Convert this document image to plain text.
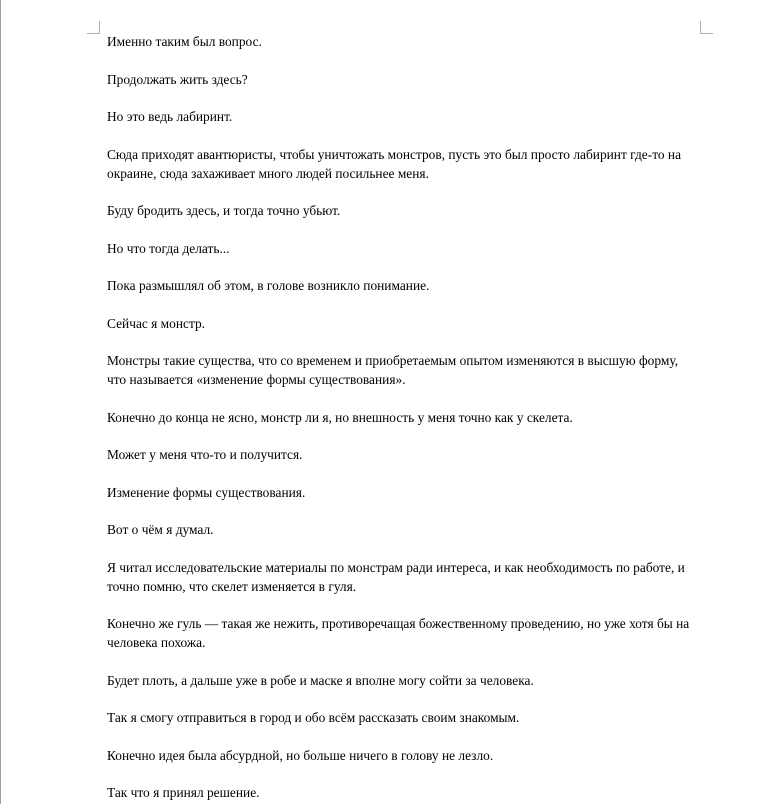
Именно таким был вопрос.

Продолжать жить здесь?

Но это ведь лабиринт.

Сюда приходят авантюристы, чтобы уничтожать монстров, пусть это был просто лабиринт где-то на окраине, сюда захаживает много людей посильнее меня.

Буду бродить здесь, и тогда точно убьют.

Но что тогда делать...

Пока размышлял об этом, в голове возникло понимание.

Сейчас я монстр.

Монстры такие существа, что со временем и приобретаемым опытом изменяются в высшую форму, что называется «изменение формы существования».

Конечно до конца не ясно, монстр ли я, но внешность у меня точно как у скелета.

Может у меня что-то и получится.

Изменение формы существования.

Вот о чём я думал.

Я читал исследовательские материалы по монстрам ради интереса, и как необходимость по работе, и точно помню, что скелет изменяется в гуля.

Конечно же гуль — такая же нежить, противоречащая божественному проведению, но уже хотя бы на человека похожа.

Будет плоть, а дальше уже в робе и маске я вполне могу сойти за человека.

Так я смогу отправиться в город и обо всём рассказать своим знакомым.

Конечно идея была абсурдной, но больше ничего в голову не лезло.

Так что я принял решение.
